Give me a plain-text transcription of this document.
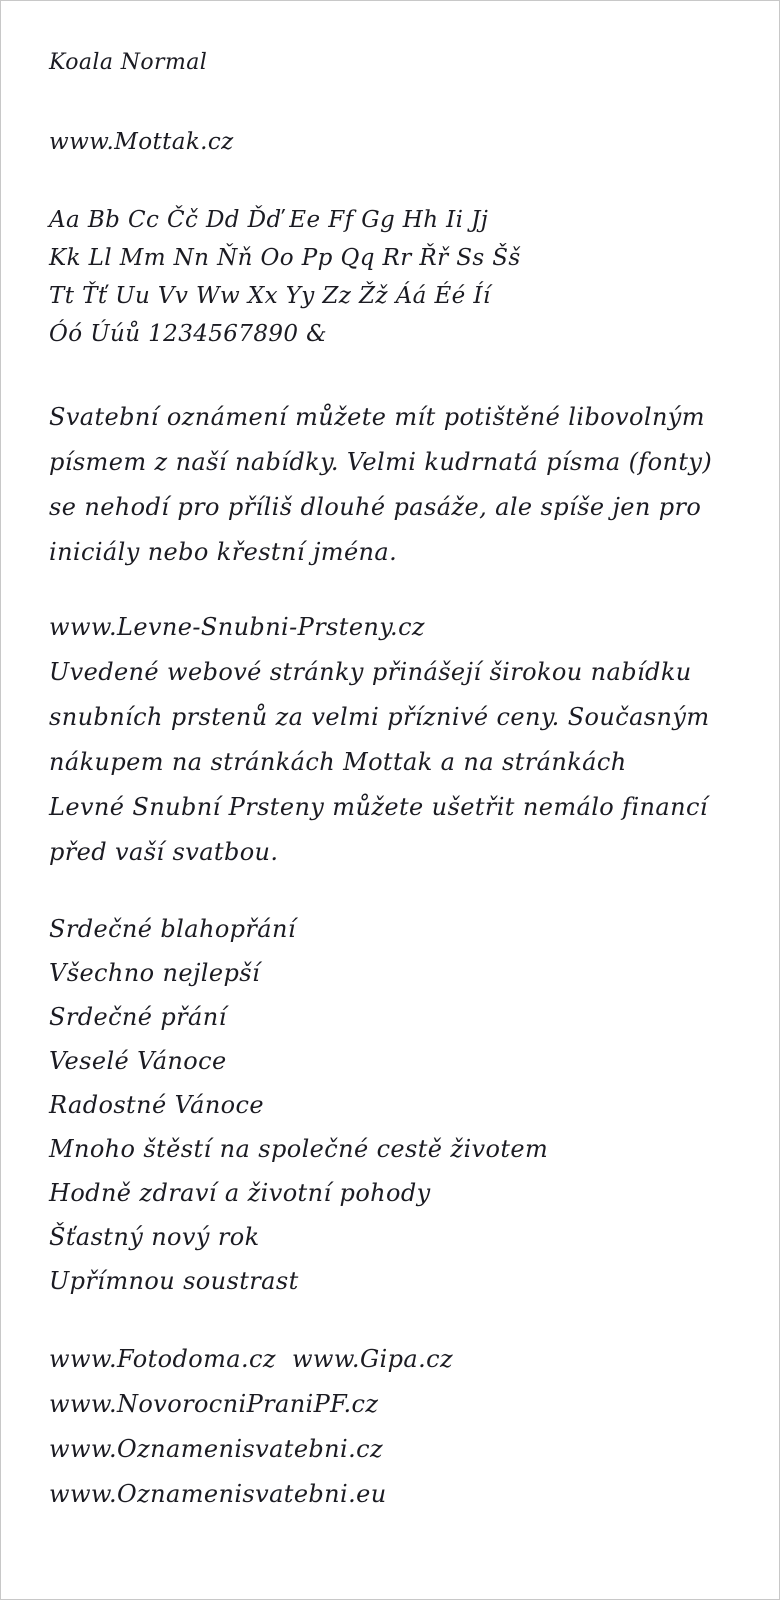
Koala Normal
www.Mottak.cz
Aa Bb Cc Čč Dd Ďď Ee Ff Gg Hh Ii Jj
Kk Ll Mm Nn Ňň Oo Pp Qq Rr Řř Ss Šš
Tt Ťť Uu Vv Ww Xx Yy Zz Žž Áá Éé Íí
Óó Úúů 1234567890 &
Svatební oznámení můžete mít potištěné libovolným
písmem z naší nabídky. Velmi kudrnatá písma (fonty)
se nehodí pro příliš dlouhé pasáže, ale spíše jen pro
iniciály nebo křestní jména.
www.Levne-Snubni-Prsteny.cz
Uvedené webové stránky přinášejí širokou nabídku
snubních prstenů za velmi příznivé ceny. Současným
nákupem na stránkách Mottak a na stránkách
Levné Snubní Prsteny můžete ušetřit nemálo financí
před vaší svatbou.
Srdečné blahopřání
Všechno nejlepší
Srdečné přání
Veselé Vánoce
Radostné Vánoce
Mnoho štěstí na společné cestě životem
Hodně zdraví a životní pohody
Šťastný nový rok
Upřímnou soustrast
www.Fotodoma.cz  www.Gipa.cz
www.NovorocniPraniPF.cz
www.Oznamenisvatebni.cz
www.Oznamenisvatebni.eu
